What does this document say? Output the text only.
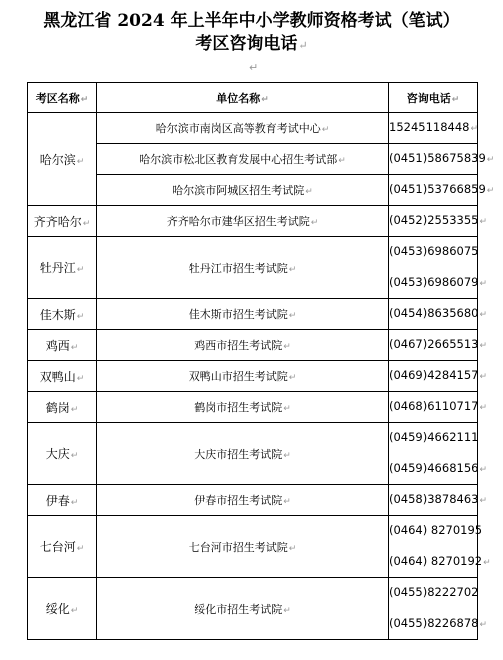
黑龙江省 2024 年上半年中小学教师资格考试（笔试）
考区咨询电话↵
↵
考区名称↵	单位名称↵	咨询电话↵
哈尔滨↵	哈尔滨市南岗区高等教育考试中心↵	15245118448↵

	哈尔滨市松北区教育发展中心招生考试部↵	(0451)58675839↵

	哈尔滨市阿城区招生考试院↵	(0451)53766859↵

齐齐哈尔↵	齐齐哈尔市建华区招生考试院↵	(0452)2553355↵

牡丹江↵	牡丹江市招生考试院↵	(0453)6986075
(0453)6986079↵

佳木斯↵	佳木斯市招生考试院↵	(0454)8635680↵

鸡西↵	鸡西市招生考试院↵	(0467)2665513↵

双鸭山↵	双鸭山市招生考试院↵	(0469)4284157↵

鹤岗↵	鹤岗市招生考试院↵	(0468)6110717↵

大庆↵	大庆市招生考试院↵	(0459)4662111
(0459)4668156↵

伊春↵	伊春市招生考试院↵	(0458)3878463↵

七台河↵	七台河市招生考试院↵	(0464) 8270195
(0464) 8270192↵

绥化↵	绥化市招生考试院↵	(0455)8222702
(0455)8226878↵
